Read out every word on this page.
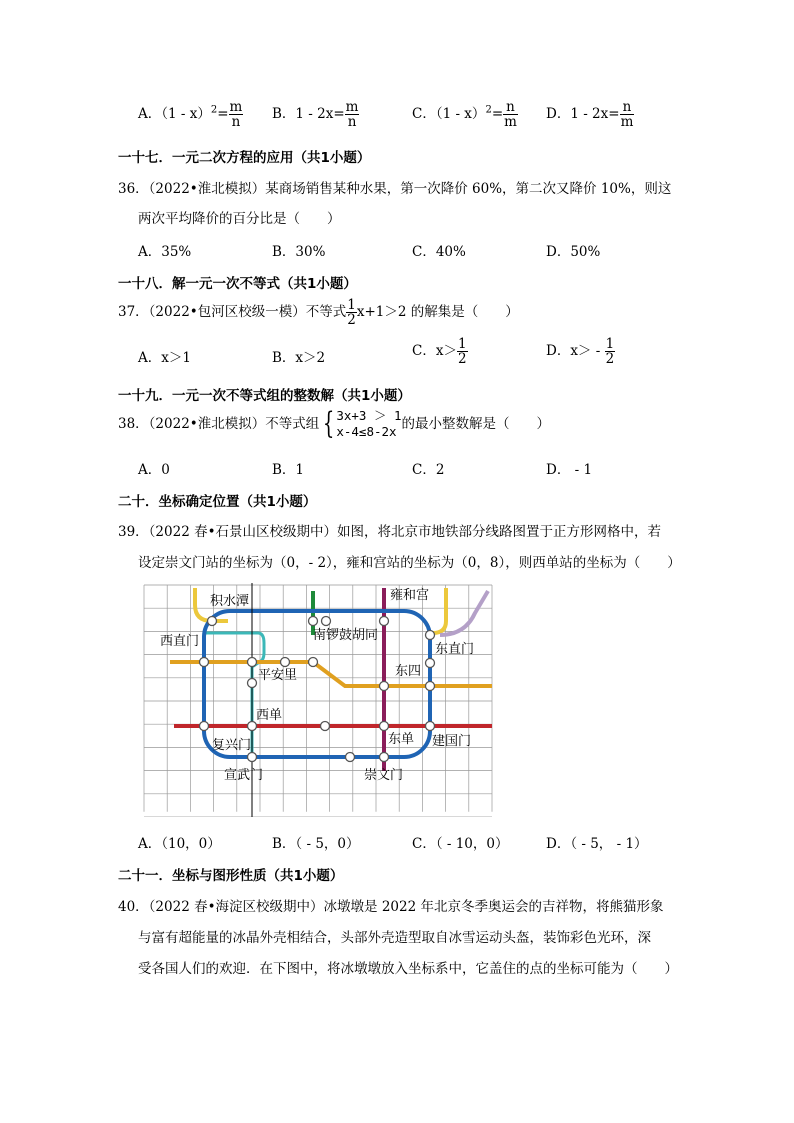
A．$(1 - x)^2= \frac{m}{n}$ B．$1 - 2x= \frac{m}{n}$	C．$(1 - x)^2= \frac{n}{m}$ D．$1 - 2x= \frac{n}{m}$
一十七．一元二次方程的应用（共1小题）
36．（2022•淮北模拟）某商场销售某种水果，第一次降价 60%，第二次又降价 10%，则这
两次平均降价的百分比是（　　）
A．35%	B．30%	C．40%	D．50%
一十八．解一元一次不等式（共1小题）
37．（2022•包河区校级一模）不等式 $\frac{1}{2} x+1>2$ 的解集是（　　）
A．x＞1	B．x＞2	C．$x> \frac{1}{2}$	D．$x> - \frac{1}{2}$
一十九．一元一次不等式组的整数解（共1小题）
38．（2022•淮北模拟）不等式组 { 3x+3 ＞ 1
x-4≤8-2x 的最小整数解是（　　）
A．0	B．1	C．2	D． - 1
二十．坐标确定位置（共1小题）
39．（2022 春•石景山区校级期中）如图，将北京市地铁部分线路图置于正方形网格中，若
设定崇文门站的坐标为（0，- 2），雍和宫站的坐标为（0，8），则西单站的坐标为（　　）
积水潭	雍和宫
西直门	南锣鼓胡同
东直门
平安里	东四
西单
复兴门	东单 建国门
宣武门	崇文门
A．（10，0）	B．（ - 5，0）	C．（ - 10，0）	D．（ - 5， - 1）
二十一．坐标与图形性质（共1小题）
40．（2022 春•海淀区校级期中）冰墩墩是 2022 年北京冬季奥运会的吉祥物，将熊猫形象
与富有超能量的冰晶外壳相结合，头部外壳造型取自冰雪运动头盔，装饰彩色光环，深
受各国人们的欢迎．在下图中，将冰墩墩放入坐标系中，它盖住的点的坐标可能为（　　）
